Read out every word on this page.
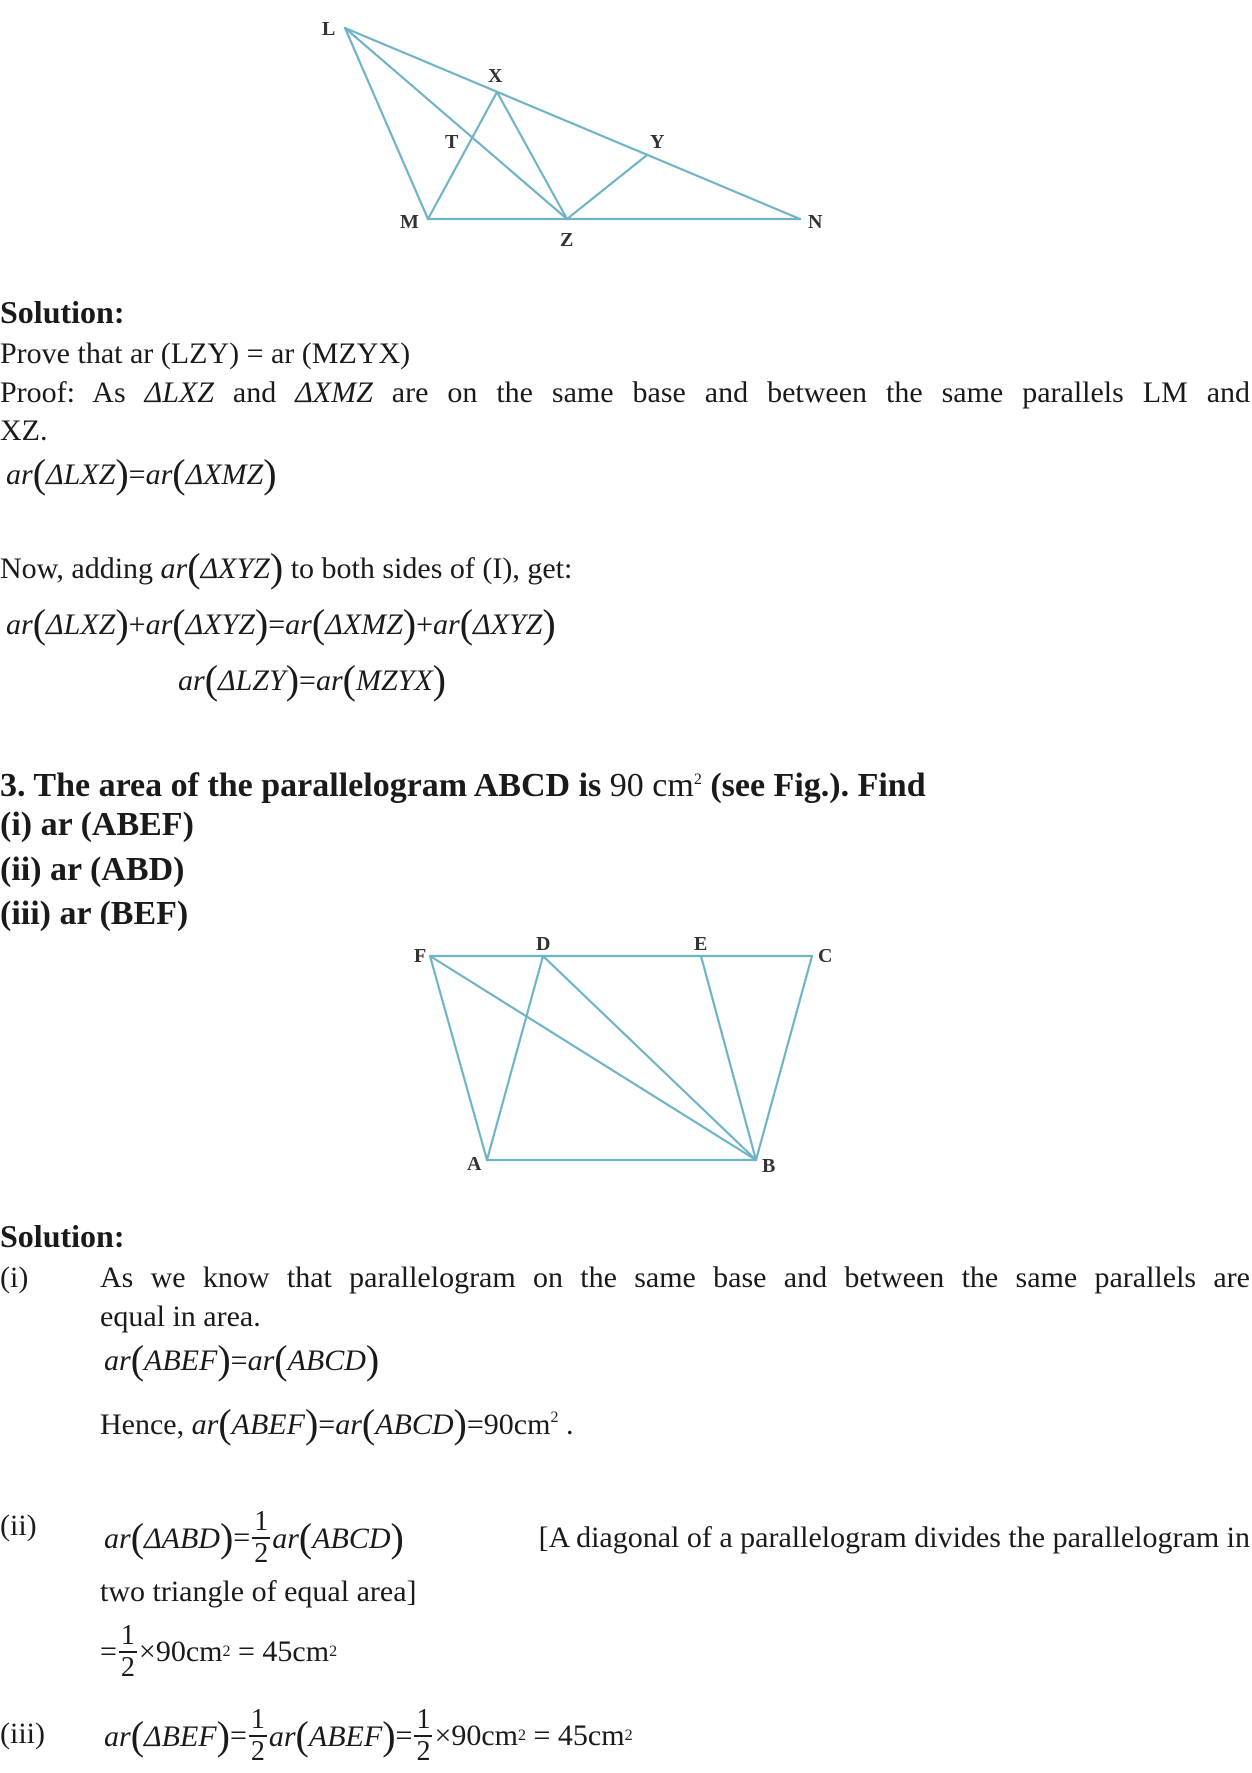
L
X
T	Y
M
Z
N
Solution:
Prove that ar (LZY) = ar (MZYX)
Proof: As ΔLXZ and ΔXMZ are on the same base and between the same parallels LM and
XZ.
ar(ΔLXZ)=ar(ΔXMZ)
Now, adding ar(ΔXYZ) to both sides of (I), get:
ar(ΔLXZ)+ar(ΔXYZ)=ar(ΔXMZ)+ar(ΔXYZ)
ar(ΔLZY)=ar(MZYX)
3. The area of the parallelogram ABCD is 90 $cm^2$ (see Fig.). Find
(i) ar (ABEF)
(ii) ar (ABD)
(iii) ar (BEF)
F
D	E
C
A	B
Solution:
(i) As we know that parallelogram on the same base and between the same parallels are
equal in area.
ar(ABEF)=ar(ABCD)
Hence, $ar(ABEF)=ar(ABCD)=90cm^2$ .
(ii) $ar(\Delta ABD) = \frac{1}{2}$ ar(ABCD)	[A diagonal of a parallelogram divides the parallelogram in
two triangle of equal area]
= $\frac{1}{2} \times 90cm$ 2 = 45cm 2
(iii) $ar(\Delta BEF) = \frac{1}{2}$ ar(ABEF) = $\frac{1}{2} \times 90cm$ 2 = 45cm 2
